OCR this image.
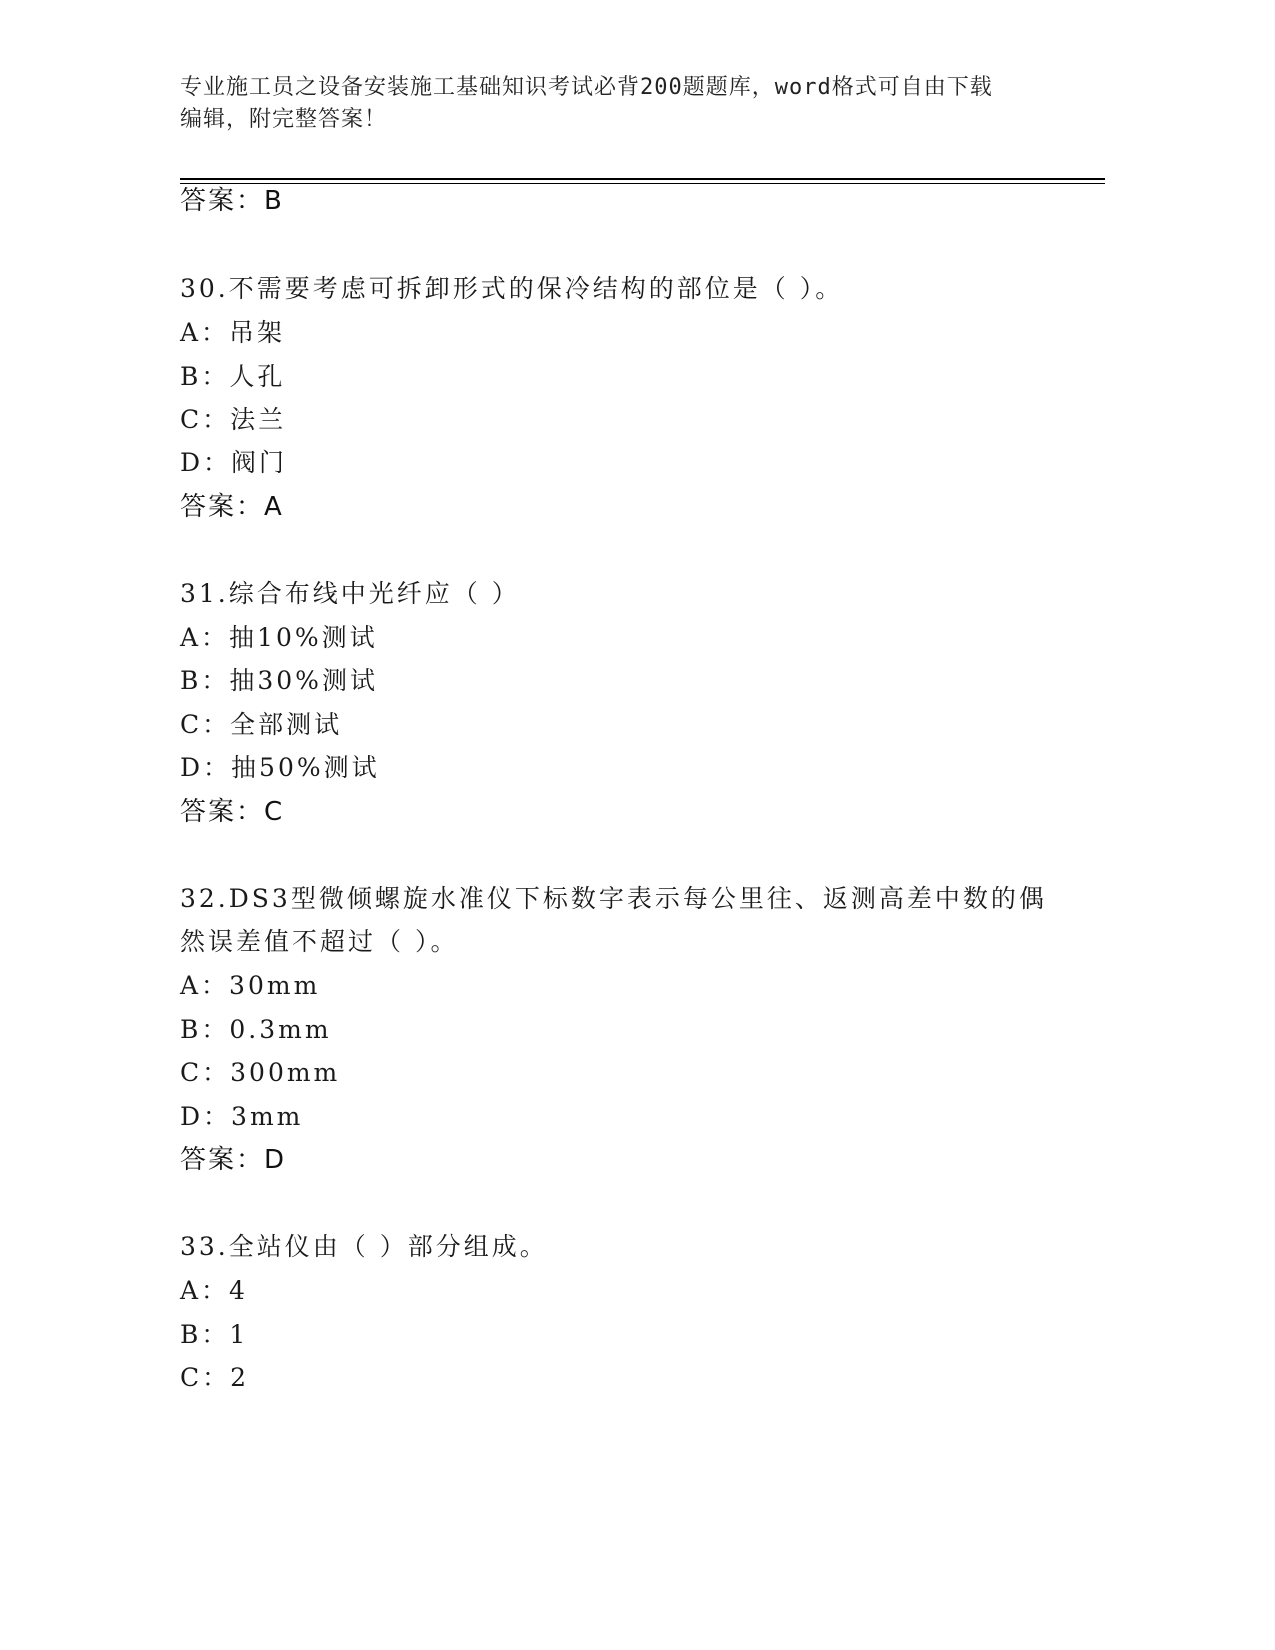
专业施工员之设备安装施工基础知识考试必背200题题库，word格式可自由下载
编辑，附完整答案！
答案：B
30.不需要考虑可拆卸形式的保冷结构的部位是（ ）。
A：吊架
B：人孔
C：法兰
D：阀门
答案：A
31.综合布线中光纤应（ ）
A：抽10%测试
B：抽30%测试
C：全部测试
D：抽50%测试
答案：C
32.DS3型微倾螺旋水准仪下标数字表示每公里往、返测高差中数的偶
然误差值不超过（ ）。
A：30mm
B：0.3mm
C：300mm
D：3mm
答案：D
33.全站仪由（ ）部分组成。
A：4
B：1
C：2
